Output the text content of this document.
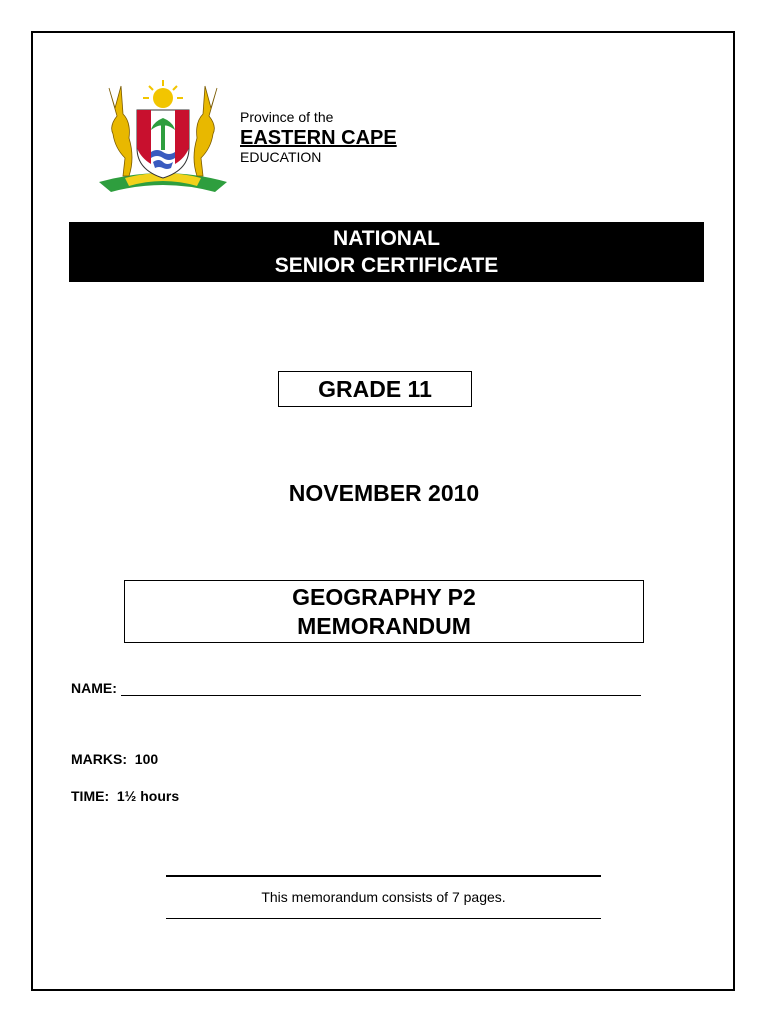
Province of the
EASTERN CAPE
EDUCATION
NATIONAL
SENIOR CERTIFICATE
GRADE 11
NOVEMBER 2010
GEOGRAPHY P2
MEMORANDUM
NAME:
MARKS: 100
TIME: 1½ hours
This memorandum consists of 7 pages.
